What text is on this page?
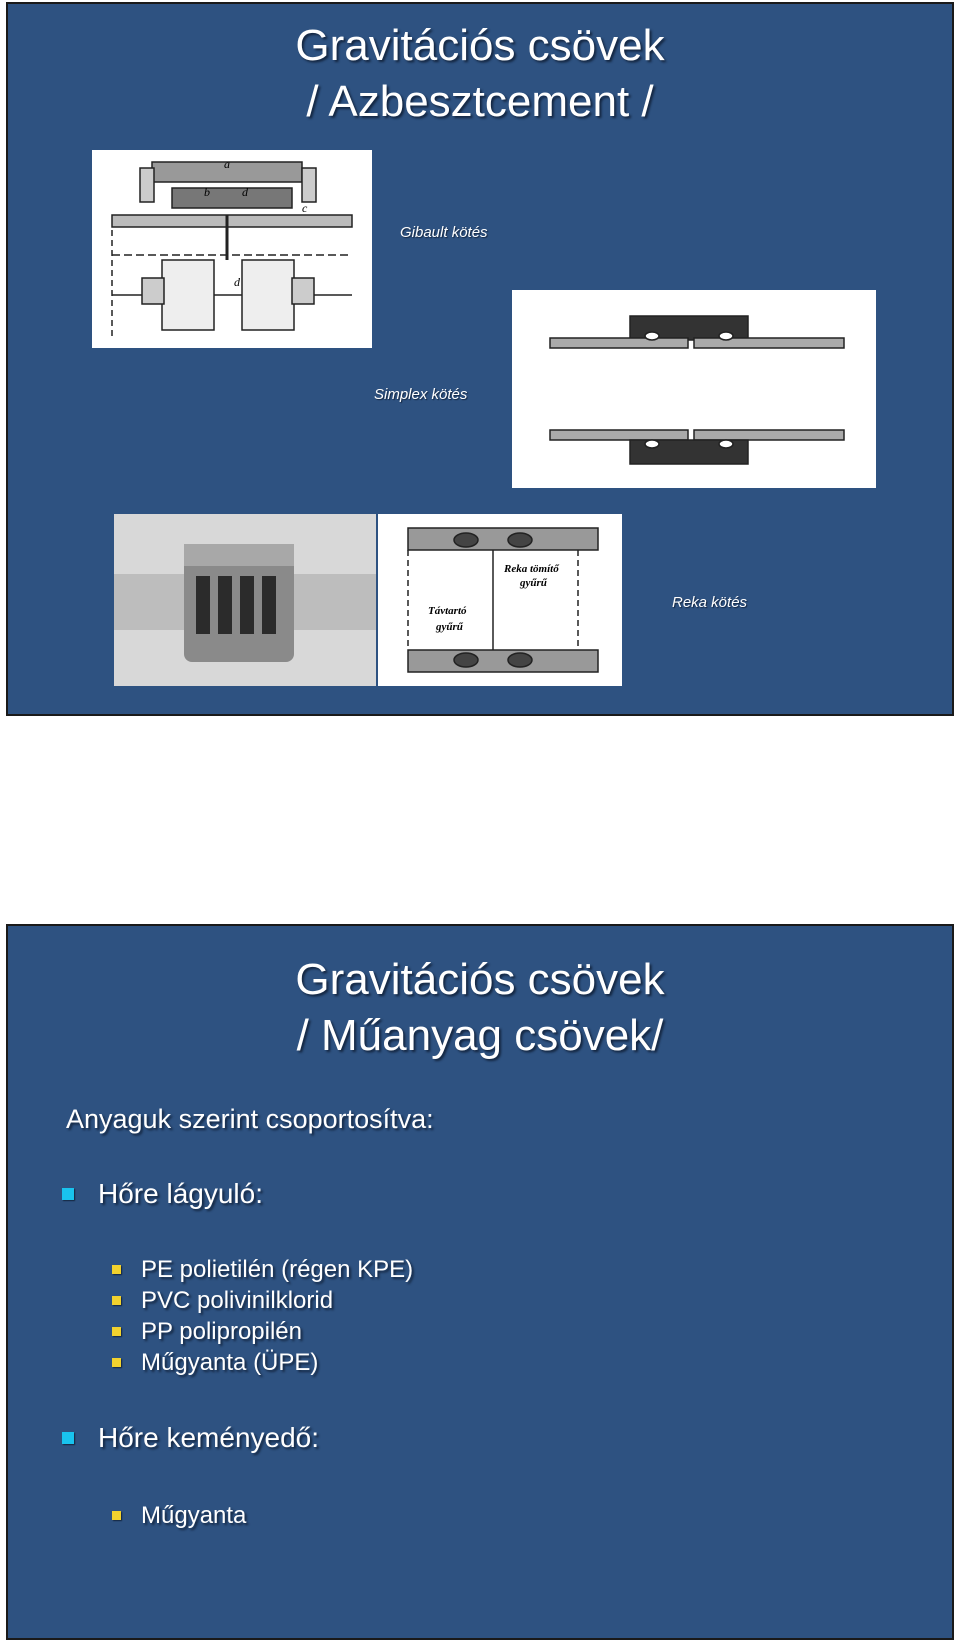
Gravitációs csövek
/ Azbesztcement /
a
b	d
c
d
Gibault kötés
Simplex kötés
Reka tömítő
gyűrű
Távtartó
gyűrű
Reka kötés
Gravitációs csövek
/ Műanyag csövek/
Anyaguk szerint csoportosítva:
Hőre lágyuló:
PE polietilén (régen KPE)
PVC polivinilklorid
PP polipropilén
Műgyanta (ÜPE)
Hőre keményedő:
Műgyanta
